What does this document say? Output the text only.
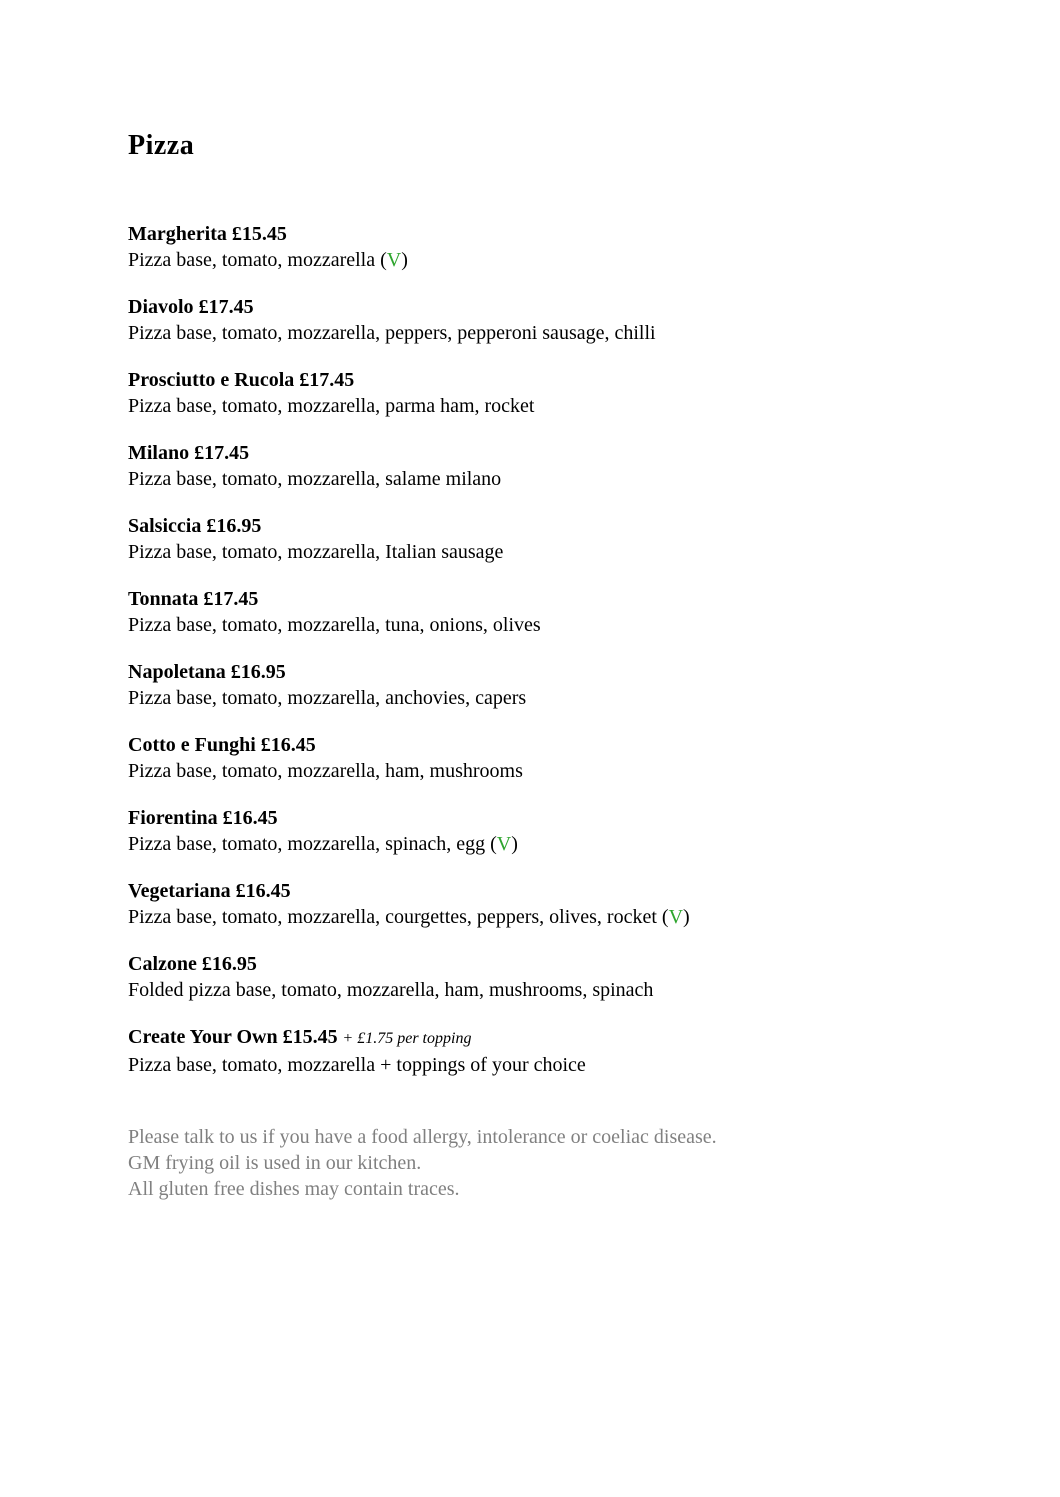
Pizza
Margherita £15.45
Pizza base, tomato, mozzarella (V)
Diavolo £17.45
Pizza base, tomato, mozzarella, peppers, pepperoni sausage, chilli
Prosciutto e Rucola £17.45
Pizza base, tomato, mozzarella, parma ham, rocket
Milano £17.45
Pizza base, tomato, mozzarella, salame milano
Salsiccia £16.95
Pizza base, tomato, mozzarella, Italian sausage
Tonnata £17.45
Pizza base, tomato, mozzarella, tuna, onions, olives
Napoletana £16.95
Pizza base, tomato, mozzarella, anchovies, capers
Cotto e Funghi £16.45
Pizza base, tomato, mozzarella, ham, mushrooms
Fiorentina £16.45
Pizza base, tomato, mozzarella, spinach, egg (V)
Vegetariana £16.45
Pizza base, tomato, mozzarella, courgettes, peppers, olives, rocket (V)
Calzone £16.95
Folded pizza base, tomato, mozzarella, ham, mushrooms, spinach
Create Your Own £15.45 + £1.75 per topping
Pizza base, tomato, mozzarella + toppings of your choice

Please talk to us if you have a food allergy, intolerance or coeliac disease.

GM frying oil is used in our kitchen.

All gluten free dishes may contain traces.
